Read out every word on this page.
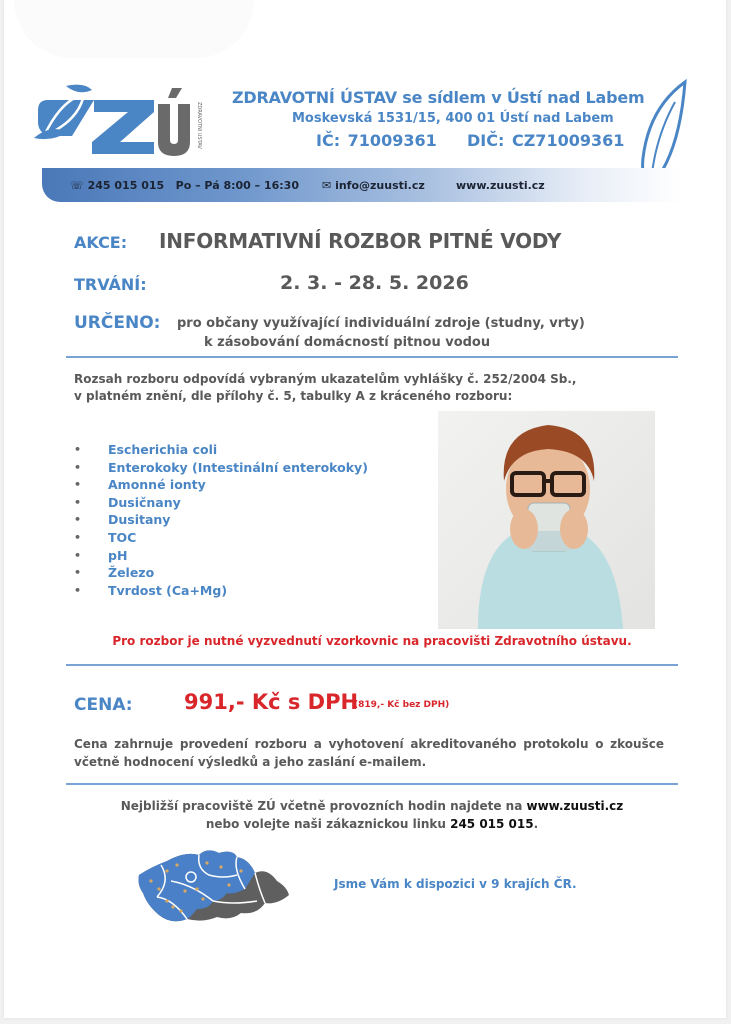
ZDRAVOTNÍ ÚSTAV
ZDRAVOTNÍ ÚSTAV se sídlem v Ústí nad Labem
Moskevská 1531/15, 400 01 Ústí nad Labem
IČ: 71009361 DIČ: CZ71009361
☏ 245 015 015 Po – Pá 8:00 – 16:30 ✉ info@zuusti.cz	www.zuusti.cz
AKCE: INFORMATIVNÍ ROZBOR PITNÉ VODY
TRVÁNÍ:	2. 3. - 28. 5. 2026
URČENO: pro občany využívající individuální zdroje (studny, vrty)
k zásobování domácností pitnou vodou
Rozsah rozboru odpovídá vybraným ukazatelům vyhlášky č. 252/2004 Sb.,
v platném znění, dle přílohy č. 5, tabulky A z kráceného rozboru:
• Escherichia coli
• Enterokoky (Intestinální enterokoky)
• Amonné ionty
• Dusičnany
• Dusitany
• TOC
• pH
• Železo
• Tvrdost (Ca+Mg)
Pro rozbor je nutné vyzvednutí vzorkovnic na pracovišti Zdravotního ústavu.
CENA: 991,- Kč s DPH
(819,- Kč bez DPH)
Cena zahrnuje provedení rozboru a vyhotovení akreditovaného protokolu o zkoušce včetně hodnocení výsledků a jeho zaslání e-mailem.
Nejbližší pracoviště ZÚ včetně provozních hodin najdete na www.zuusti.cz
nebo volejte naši zákaznickou linku 245 015 015.
Jsme Vám k dispozici v 9 krajích ČR.
